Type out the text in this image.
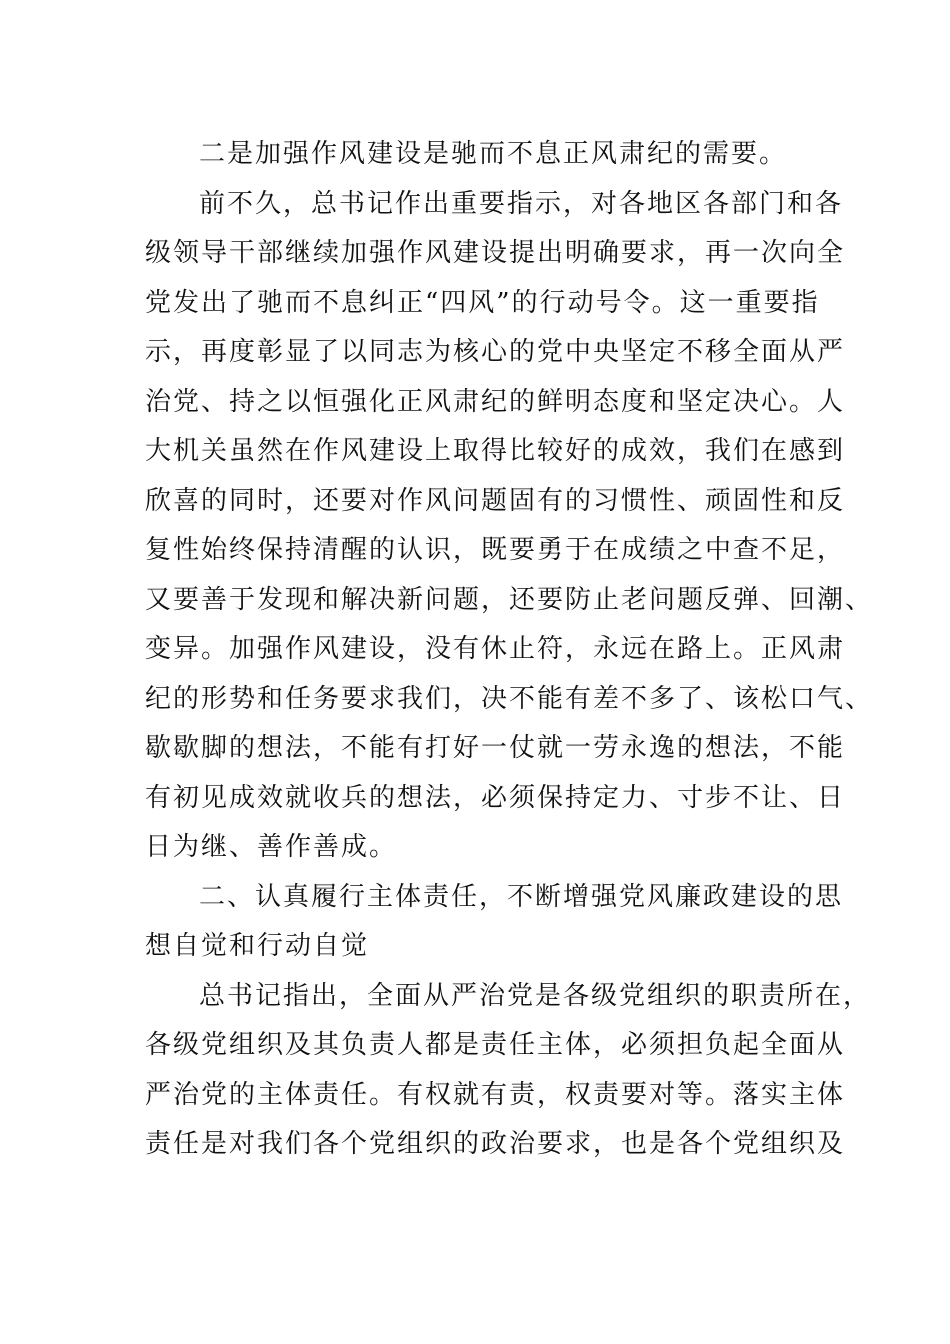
二是加强作风建设是驰而不息正风肃纪的需要。
前不久，总书记作出重要指示，对各地区各部门和各
级领导干部继续加强作风建设提出明确要求，再一次向全
党发出了驰而不息纠正“四风”的行动号令。这一重要指
示，再度彰显了以同志为核心的党中央坚定不移全面从严
治党、持之以恒强化正风肃纪的鲜明态度和坚定决心。人
大机关虽然在作风建设上取得比较好的成效，我们在感到
欣喜的同时，还要对作风问题固有的习惯性、顽固性和反
复性始终保持清醒的认识，既要勇于在成绩之中查不足，
又要善于发现和解决新问题，还要防止老问题反弹、回潮、
变异。加强作风建设，没有休止符，永远在路上。正风肃
纪的形势和任务要求我们，决不能有差不多了、该松口气、
歇歇脚的想法，不能有打好一仗就一劳永逸的想法，不能
有初见成效就收兵的想法，必须保持定力、寸步不让、日
日为继、善作善成。
二、认真履行主体责任，不断增强党风廉政建设的思
想自觉和行动自觉
总书记指出，全面从严治党是各级党组织的职责所在，
各级党组织及其负责人都是责任主体，必须担负起全面从
严治党的主体责任。有权就有责，权责要对等。落实主体
责任是对我们各个党组织的政治要求，也是各个党组织及
